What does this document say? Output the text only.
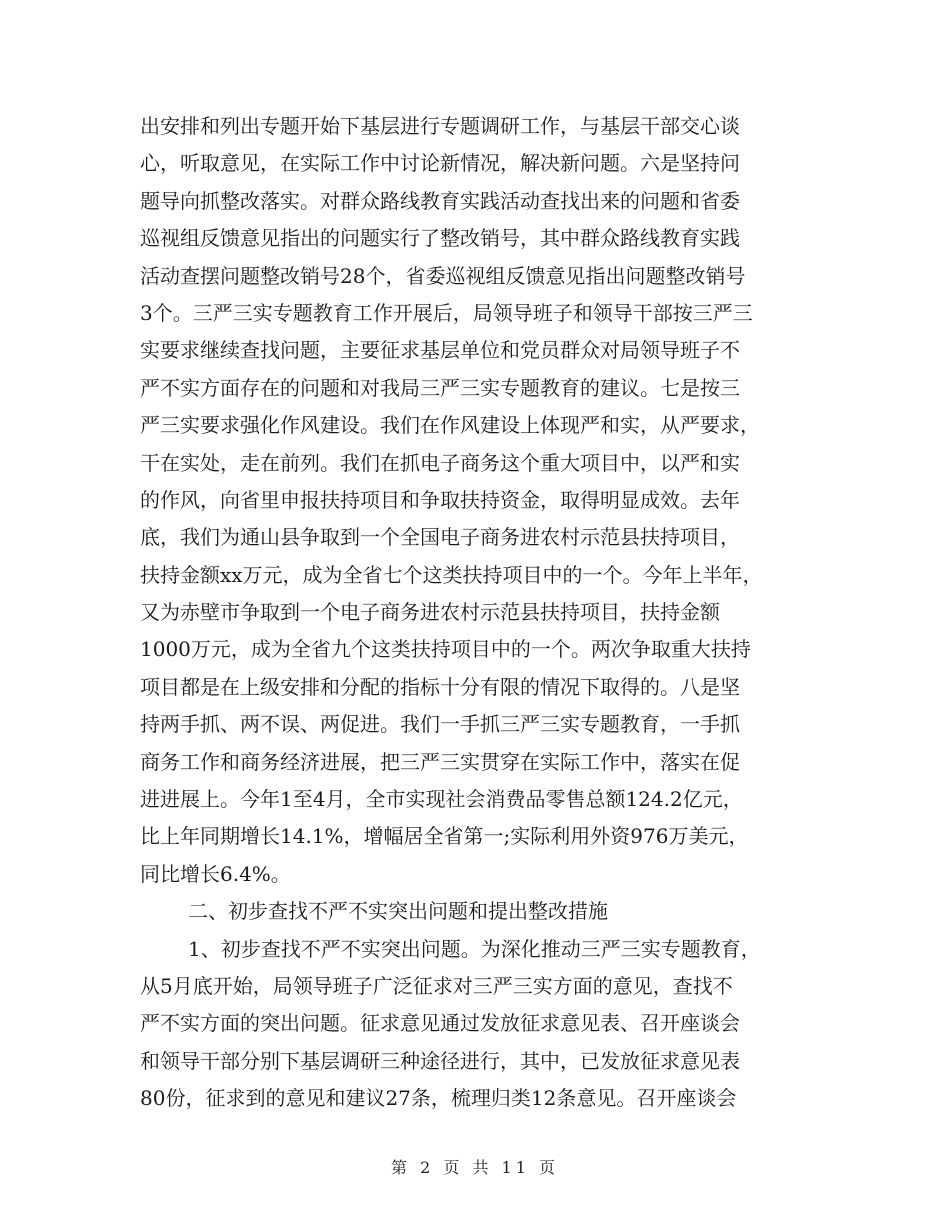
出安排和列出专题开始下基层进行专题调研工作，与基层干部交心谈
心，听取意见，在实际工作中讨论新情况，解决新问题。六是坚持问
题导向抓整改落实。对群众路线教育实践活动查找出来的问题和省委
巡视组反馈意见指出的问题实行了整改销号，其中群众路线教育实践
活动查摆问题整改销号28个，省委巡视组反馈意见指出问题整改销号
3个。三严三实专题教育工作开展后，局领导班子和领导干部按三严三
实要求继续查找问题，主要征求基层单位和党员群众对局领导班子不
严不实方面存在的问题和对我局三严三实专题教育的建议。七是按三
严三实要求强化作风建设。我们在作风建设上体现严和实，从严要求，
干在实处，走在前列。我们在抓电子商务这个重大项目中，以严和实
的作风，向省里申报扶持项目和争取扶持资金，取得明显成效。去年
底，我们为通山县争取到一个全国电子商务进农村示范县扶持项目，
扶持金额xx万元，成为全省七个这类扶持项目中的一个。今年上半年，
又为赤壁市争取到一个电子商务进农村示范县扶持项目，扶持金额
1000万元，成为全省九个这类扶持项目中的一个。两次争取重大扶持
项目都是在上级安排和分配的指标十分有限的情况下取得的。八是坚
持两手抓、两不误、两促进。我们一手抓三严三实专题教育，一手抓
商务工作和商务经济进展，把三严三实贯穿在实际工作中，落实在促
进进展上。今年1至4月，全市实现社会消费品零售总额124.2亿元，
比上年同期增长14.1%，增幅居全省第一;实际利用外资976万美元，
同比增长6.4%。
二、初步查找不严不实突出问题和提出整改措施
1、初步查找不严不实突出问题。为深化推动三严三实专题教育，
从5月底开始，局领导班子广泛征求对三严三实方面的意见，查找不
严不实方面的突出问题。征求意见通过发放征求意见表、召开座谈会
和领导干部分别下基层调研三种途径进行，其中，已发放征求意见表
80份，征求到的意见和建议27条，梳理归类12条意见。召开座谈会
第 2 页 共 11 页
